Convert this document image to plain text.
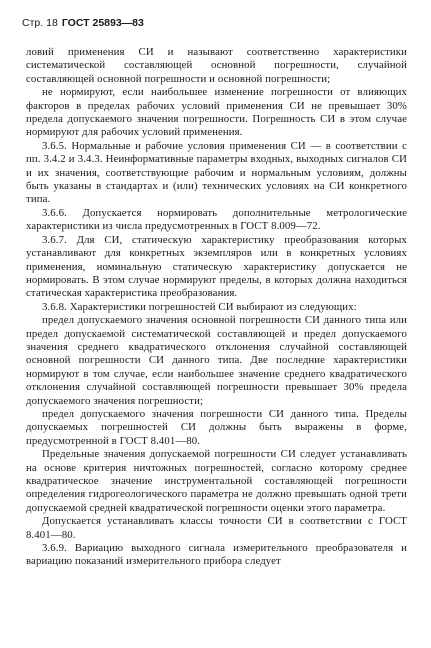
Стр. 18 ГОСТ 25893—83

ловий применения СИ и называют соответственно характеристики систематической составляющей основной погрешности, случайной составляющей основной погрешности и основной погрешности;

не нормируют, если наибольшее изменение погрешности от влияющих факторов в пределах рабочих условий применения СИ не превышает 30% предела допускаемого значения погрешности. Погрешность СИ в этом случае нормируют для рабочих условий применения.

3.6.5. Нормальные и рабочие условия применения СИ — в соответствии с пп. 3.4.2 и 3.4.3. Неинформативные параметры входных, выходных сигналов СИ и их значения, соответствующие рабочим и нормальным условиям, должны быть указаны в стандартах и (или) технических условиях на СИ конкретного типа.

3.6.6. Допускается нормировать дополнительные метрологические характеристики из числа предусмотренных в ГОСТ 8.009—72.

3.6.7. Для СИ, статическую характеристику преобразования которых устанавливают для конкретных экземпляров или в конкретных условиях применения, номинальную статическую характеристику допускается не нормировать. В этом случае нормируют пределы, в которых должна находиться статическая характеристика преобразования.

3.6.8. Характеристики погрешностей СИ выбирают из следующих:

предел допускаемого значения основной погрешности СИ данного типа или предел допускаемой систематической составляющей и предел допускаемого значения среднего квадратического отклонения случайной составляющей основной погрешности СИ данного типа. Две последние характеристики нормируют в том случае, если наибольшее значение среднего квадратического отклонения случайной составляющей погрешности превышает 30% предела допускаемого значения погрешности;

предел допускаемого значения погрешности СИ данного типа. Пределы допускаемых погрешностей СИ должны быть выражены в форме, предусмотренной в ГОСТ 8.401—80.

Предельные значения допускаемой погрешности СИ следует устанавливать на основе критерия ничтожных погрешностей, согласно которому среднее квадратическое значение инструментальной составляющей погрешности определения гидрогеологического параметра не должно превышать одной трети допускаемой средней квадратической погрешности оценки этого параметра.

Допускается устанавливать классы точности СИ в соответствии с ГОСТ 8.401—80.

3.6.9. Вариацию выходного сигнала измерительного преобразователя и вариацию показаний измерительного прибора следует
